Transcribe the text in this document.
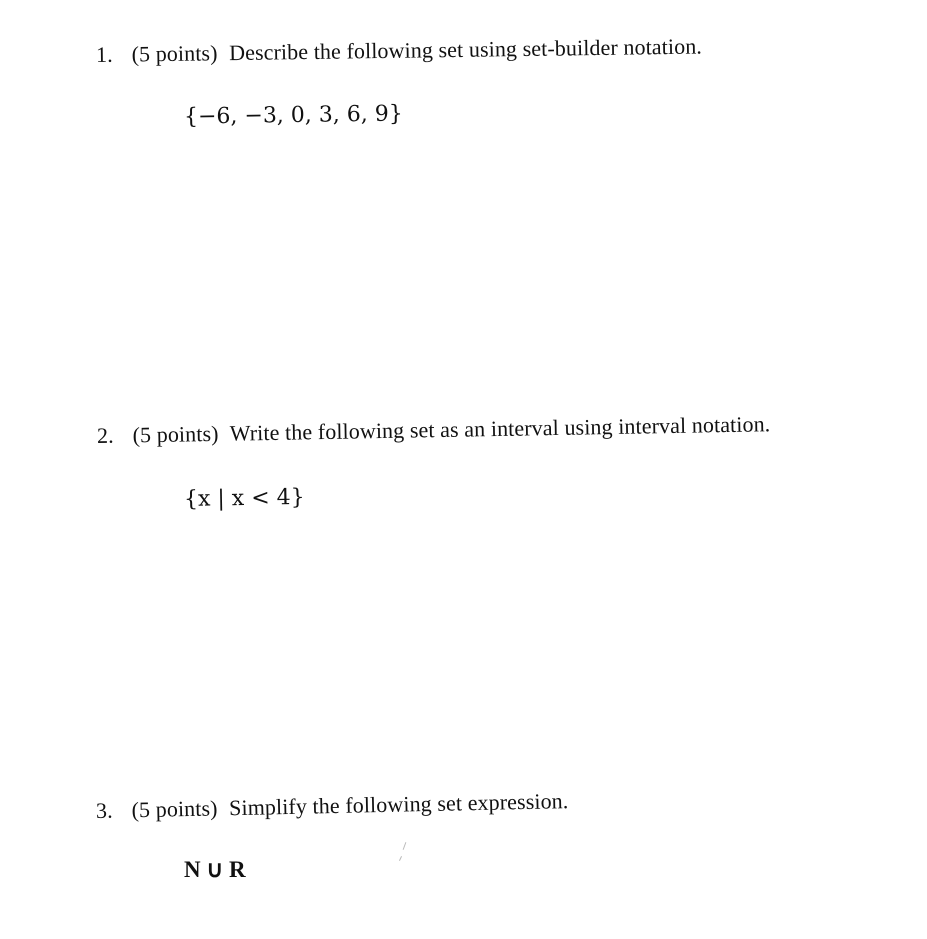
1. (5 points) Describe the following set using set-builder notation.
{−6, −3, 0, 3, 6, 9}
2. (5 points) Write the following set as an interval using interval notation.
{x | x < 4}
3. (5 points) Simplify the following set expression.
N ∪ R
